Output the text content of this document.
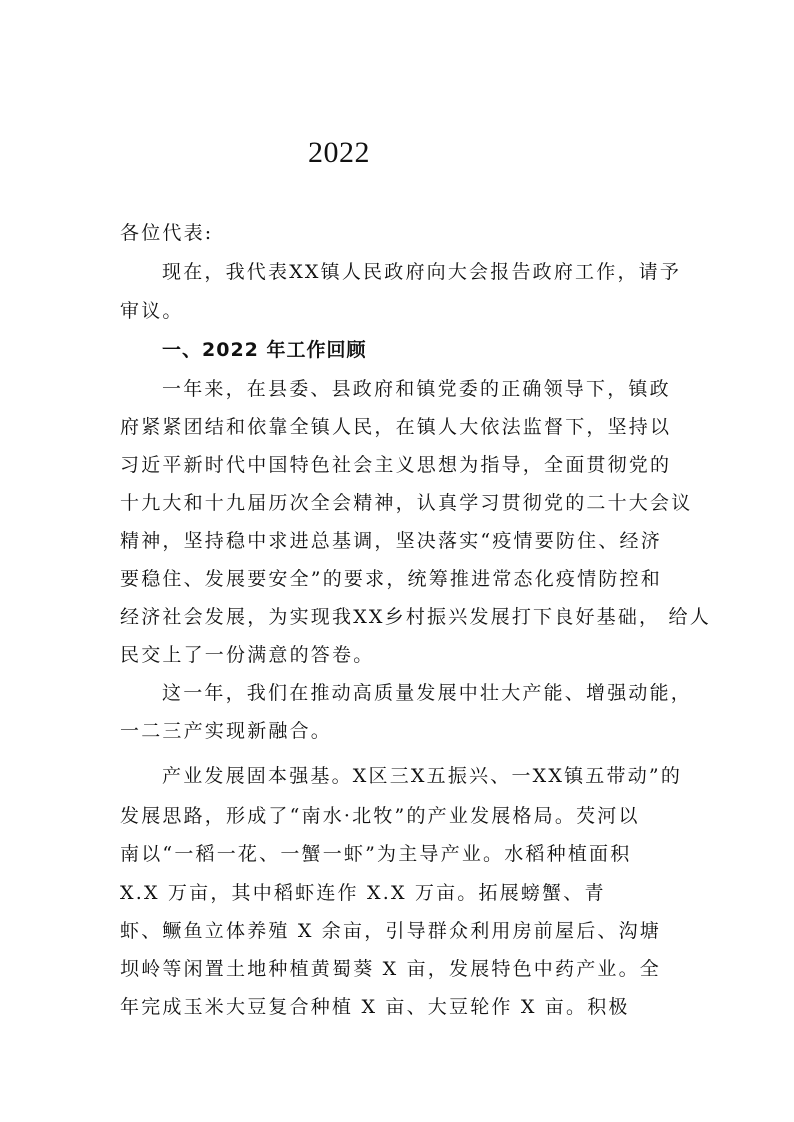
2022
各位代表:
现在，我代表XX镇人民政府向大会报告政府工作，请予
审议。
一、2022 年工作回顾
一年来，在县委、县政府和镇党委的正确领导下，镇政
府紧紧团结和依靠全镇人民，在镇人大依法监督下，坚持以
习近平新时代中国特色社会主义思想为指导，全面贯彻党的
十九大和十九届历次全会精神，认真学习贯彻党的二十大会议
精神，坚持稳中求进总基调，坚决落实“疫情要防住、经济
要稳住、发展要安全”的要求，统筹推进常态化疫情防控和
经济社会发展，为实现我XX乡村振兴发展打下良好基础， 给人
民交上了一份满意的答卷。
这一年，我们在推动高质量发展中壮大产能、增强动能，
一二三产实现新融合。
产业发展固本强基。X区三X五振兴、一XX镇五带动”的
发展思路，形成了“南水·北牧”的产业发展格局。芡河以
南以“一稻一花、一蟹一虾”为主导产业。水稻种植面积
X.X 万亩，其中稻虾连作 X.X 万亩。拓展螃蟹、青
虾、鳜鱼立体养殖 X 余亩，引导群众利用房前屋后、沟塘
坝岭等闲置土地种植黄蜀葵 X 亩，发展特色中药产业。全
年完成玉米大豆复合种植 X 亩、大豆轮作 X 亩。积极
